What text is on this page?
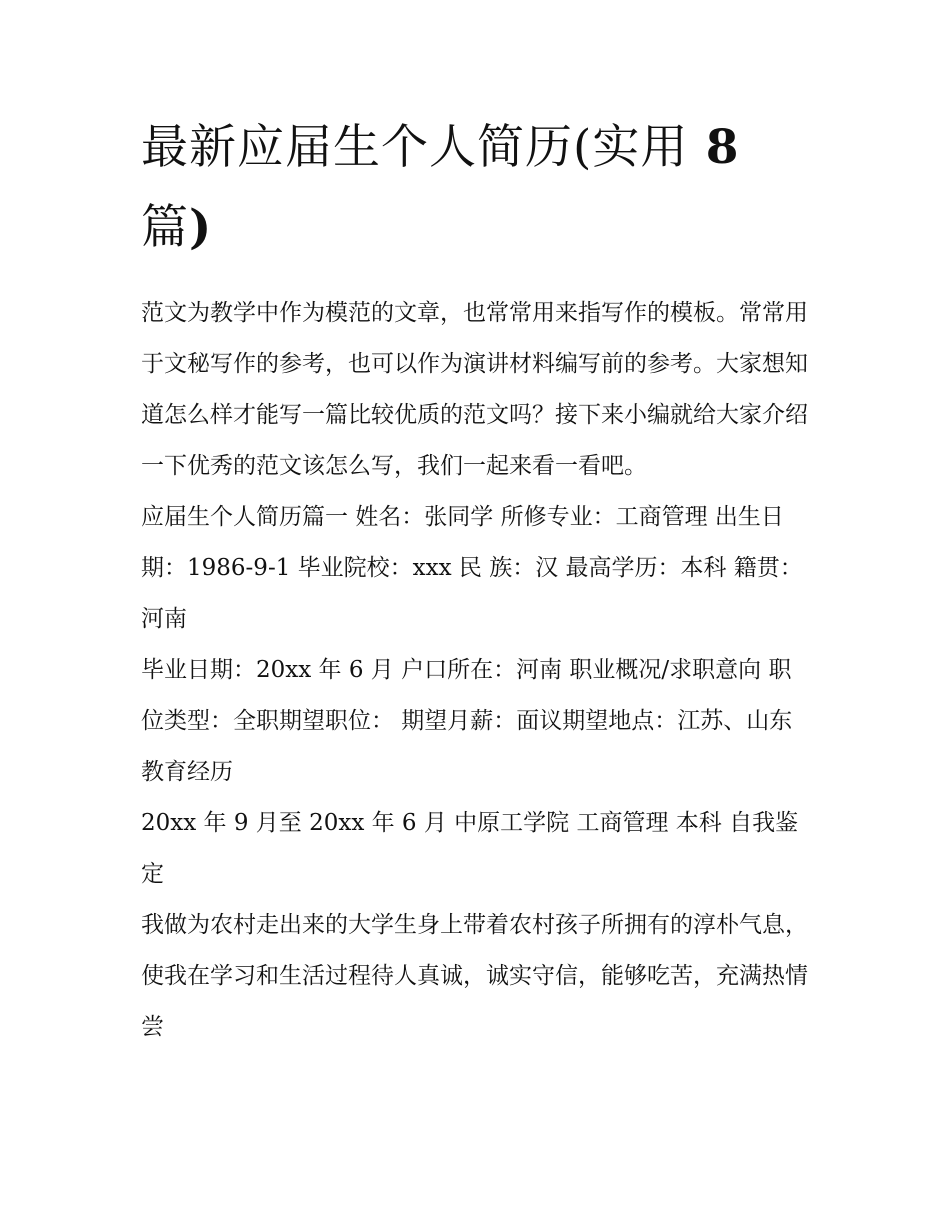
最新应届生个人简历(实用 8
篇)

范文为教学中作为模范的文章，也常常用来指写作的模板。常常用于文秘写作的参考，也可以作为演讲材料编写前的参考。大家想知道怎么样才能写一篇比较优质的范文吗？接下来小编就给大家介绍一下优秀的范文该怎么写，我们一起来看一看吧。

应届生个人简历篇一 姓名：张同学 所修专业：工商管理 出生日期：1986-9-1 毕业院校：xxx 民 族：汉 最高学历：本科 籍贯：河南

毕业日期：20xx 年 6 月 户口所在：河南 职业概况/求职意向 职位类型：全职期望职位： 期望月薪：面议期望地点：江苏、山东 教育经历

20xx 年 9 月至 20xx 年 6 月 中原工学院 工商管理 本科 自我鉴定

我做为农村走出来的大学生身上带着农村孩子所拥有的淳朴气息，使我在学习和生活过程待人真诚，诚实守信，能够吃苦，充满热情尝
